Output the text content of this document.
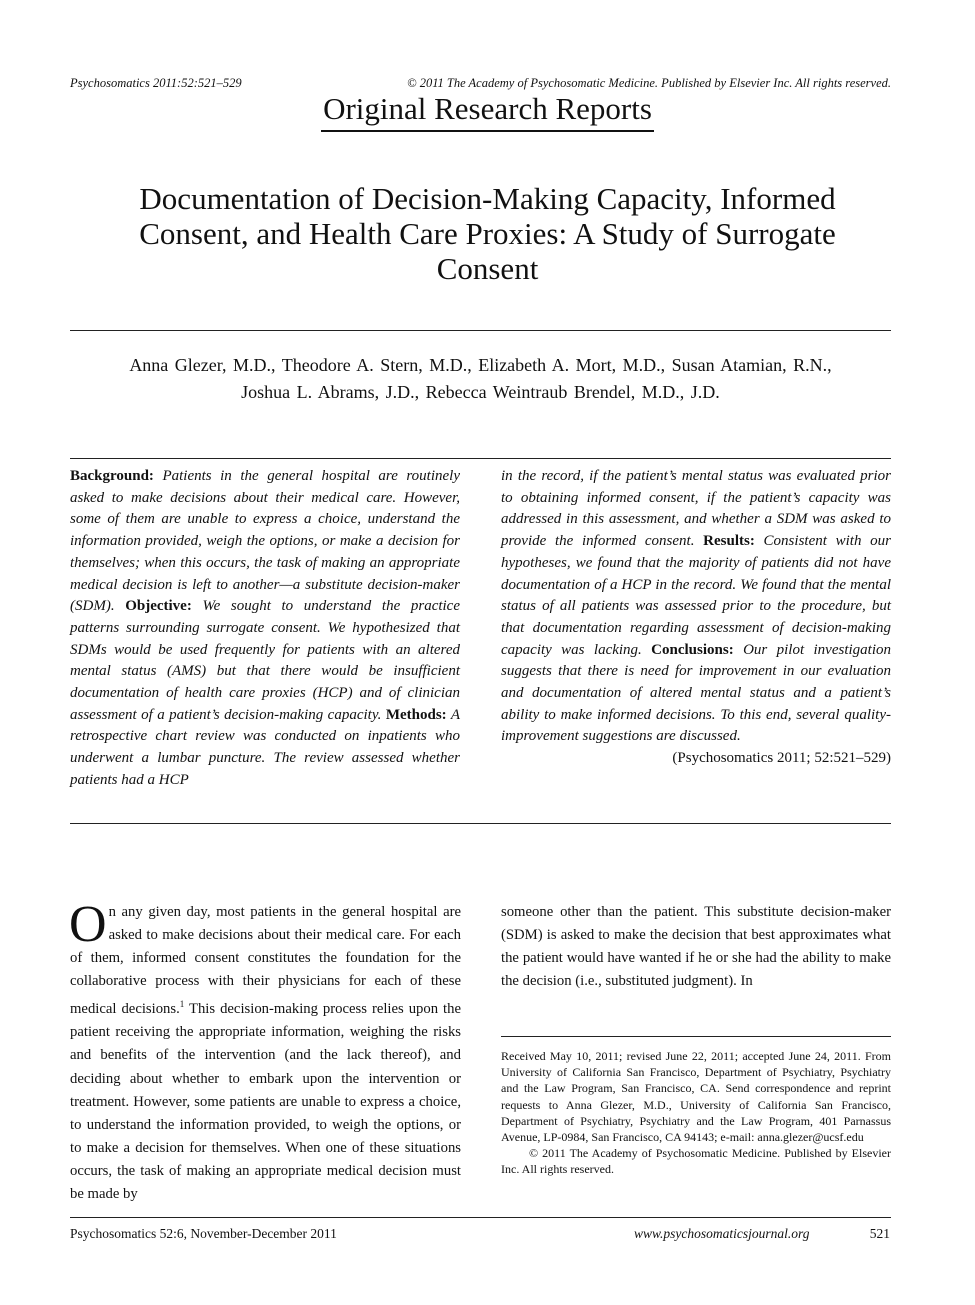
Psychosomatics 2011:52:521–529	© 2011 The Academy of Psychosomatic Medicine. Published by Elsevier Inc. All rights reserved.
Original Research Reports
Documentation of Decision-Making Capacity, Informed
Consent, and Health Care Proxies: A Study of Surrogate
Consent
Anna Glezer, M.D., Theodore A. Stern, M.D., Elizabeth A. Mort, M.D., Susan Atamian, R.N.,
Joshua L. Abrams, J.D., Rebecca Weintraub Brendel, M.D., J.D.
Background: Patients in the general hospital are routinely asked to make decisions about their medical care. However, some of them are unable to express a choice, understand the information provided, weigh the options, or make a decision for themselves; when this occurs, the task of making an appropriate medical decision is left to another—a substitute decision-maker (SDM). Objective: We sought to understand the practice patterns surrounding surrogate consent. We hypothesized that SDMs would be used frequently for patients with an altered mental status (AMS) but that there would be insufficient documentation of health care proxies (HCP) and of clinician assessment of a patient’s decision-making capacity. Methods: A retrospective chart review was conducted on inpatients who underwent a lumbar puncture. The review assessed whether patients had a HCP
in the record, if the patient’s mental status was evaluated prior to obtaining informed consent, if the patient’s capacity was addressed in this assessment, and whether a SDM was asked to provide the informed consent. Results: Consistent with our hypotheses, we found that the majority of patients did not have documentation of a HCP in the record. We found that the mental status of all patients was assessed prior to the procedure, but that documentation regarding assessment of decision-making capacity was lacking. Conclusions: Our pilot investigation suggests that there is need for improvement in our evaluation and documentation of altered mental status and a patient’s ability to make informed decisions. To this end, several quality-improvement suggestions are discussed.
(Psychosomatics 2011; 52:521–529)
On any given day, most patients in the general hospital are asked to make decisions about their medical care. For each of them, informed consent constitutes the foundation for the collaborative process with their physicians for each of these medical decisions.$^1$ This decision-making process relies upon the patient receiving the appropriate information, weighing the risks and benefits of the intervention (and the lack thereof), and deciding about whether to embark upon the intervention or treatment. However, some patients are unable to express a choice, to understand the information provided, to weigh the options, or to make a decision for themselves. When one of these situations occurs, the task of making an appropriate medical decision must be made by
someone other than the patient. This substitute decision-maker (SDM) is asked to make the decision that best approximates what the patient would have wanted if he or she had the ability to make the decision (i.e., substituted judgment). In
Received May 10, 2011; revised June 22, 2011; accepted June 24, 2011. From University of California San Francisco, Department of Psychiatry, Psychiatry and the Law Program, San Francisco, CA. Send correspondence and reprint requests to Anna Glezer, M.D., University of California San Francisco, Department of Psychiatry, Psychiatry and the Law Program, 401 Parnassus Avenue, LP-0984, San Francisco, CA 94143; e-mail: anna.glezer@ucsf.edu
© 2011 The Academy of Psychosomatic Medicine. Published by Elsevier Inc. All rights reserved.
Psychosomatics 52:6, November-December 2011	www.psychosomaticsjournal.org	521
